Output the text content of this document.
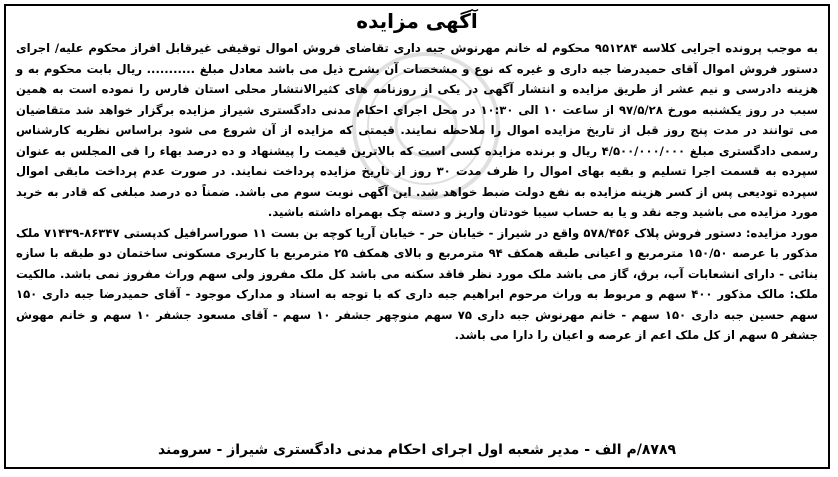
آگهی مزایده

به موجب پرونده اجرایی کلاسه ۹۵۱۲۸۴ محکوم له خانم مهرنوش جبه داری تقاضای فروش اموال توقیفی غیرقابل افراز محکوم علیه/ اجرای دستور فروش اموال آقای حمیدرضا جبه داری و غیره که نوع و مشخصات آن بشرح ذیل می باشد معادل مبلغ ........... ریال بابت محکوم به و هزینه دادرسی و نیم عشر از طریق مزایده و انتشار آگهی در یکی از روزنامه های کثیرالانتشار محلی استان فارس را نموده است به همین سبب در روز یکشنبه مورخ ۹۷/۵/۲۸ از ساعت ۱۰ الی ۱۰:۳۰ در محل اجرای احکام مدنی دادگستری شیراز مزایده برگزار خواهد شد متقاضیان می توانند در مدت پنج روز قبل از تاریخ مزایده اموال را ملاحظه نمایند. قیمتی که مزایده از آن شروع می شود براساس نظریه کارشناس رسمی دادگستری مبلغ ۴/۵۰۰/۰۰۰/۰۰۰ ریال و برنده مزایده کسی است که بالاترین قیمت را پیشنهاد و ده درصد بهاء را فی المجلس به عنوان سپرده به قسمت اجرا تسلیم و بقیه بهای اموال را ظرف مدت ۳۰ روز از تاریخ مزایده پرداخت نمایند. در صورت عدم پرداخت مابقی اموال سپرده تودیعی پس از کسر هزینه مزایده به نفع دولت ضبط خواهد شد. این آگهی نوبت سوم می باشد. ضمناً ده درصد مبلغی که قادر به خرید مورد مزایده می باشید وجه نقد و یا به حساب سیبا خودتان واریز و دسته چک بهمراه داشته باشید.

مورد مزایده: دستور فروش پلاک ۵۷۸/۴۵۶ واقع در شیراز - خیابان حر - خیابان آریا کوچه بن بست ۱۱ صوراسرافیل کدپستی ۸۶۳۴۷-۷۱۴۳۹ ملک مذکور با عرصه ۱۵۰/۵۰ مترمربع و اعیانی طبقه همکف ۹۴ مترمربع و بالای همکف ۲۵ مترمربع با کاربری مسکونی ساختمان دو طبقه با سازه بنائی - دارای انشعابات آب، برق، گاز می باشد ملک مورد نظر فاقد سکنه می باشد کل ملک مفروز ولی سهم وراث مفروز نمی باشد. مالکیت ملک: مالک مذکور ۴۰۰ سهم و مربوط به وراث مرحوم ابراهیم جبه داری که با توجه به اسناد و مدارک موجود - آقای حمیدرضا جبه داری ۱۵۰ سهم حسین جبه داری ۱۵۰ سهم - خانم مهرنوش جبه داری ۷۵ سهم منوچهر جشفر ۱۰ سهم - آقای مسعود جشفر ۱۰ سهم و خانم مهوش جشفر ۵ سهم از کل ملک اعم از عرصه و اعیان را دارا می باشد.

۸۷۸۹/م الف - مدیر شعبه اول اجرای احکام مدنی دادگستری شیراز - سرومند
